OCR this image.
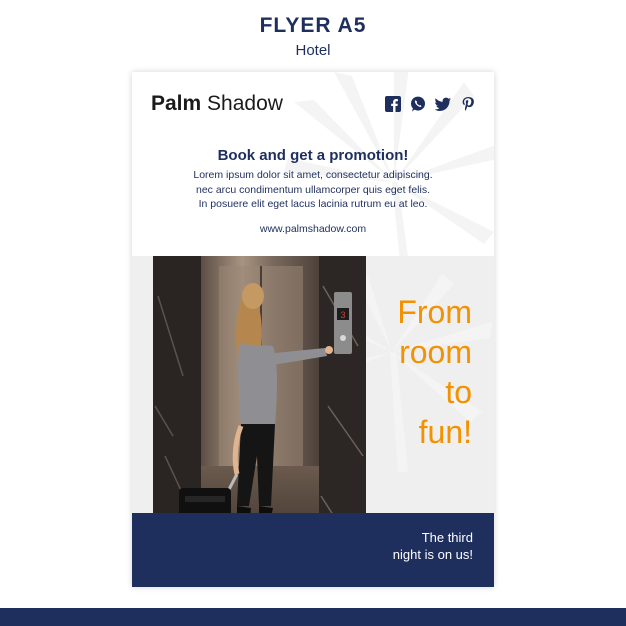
FLYER A5
Hotel
Palm Shadow
Book and get a promotion!
Lorem ipsum dolor sit amet, consectetur adipiscing.
nec arcu condimentum ullamcorper quis eget felis.
In posuere elit eget lacus lacinia rutrum eu at leo.
www.palmshadow.com
3 From
room
to
fun!
The third
night is on us!
